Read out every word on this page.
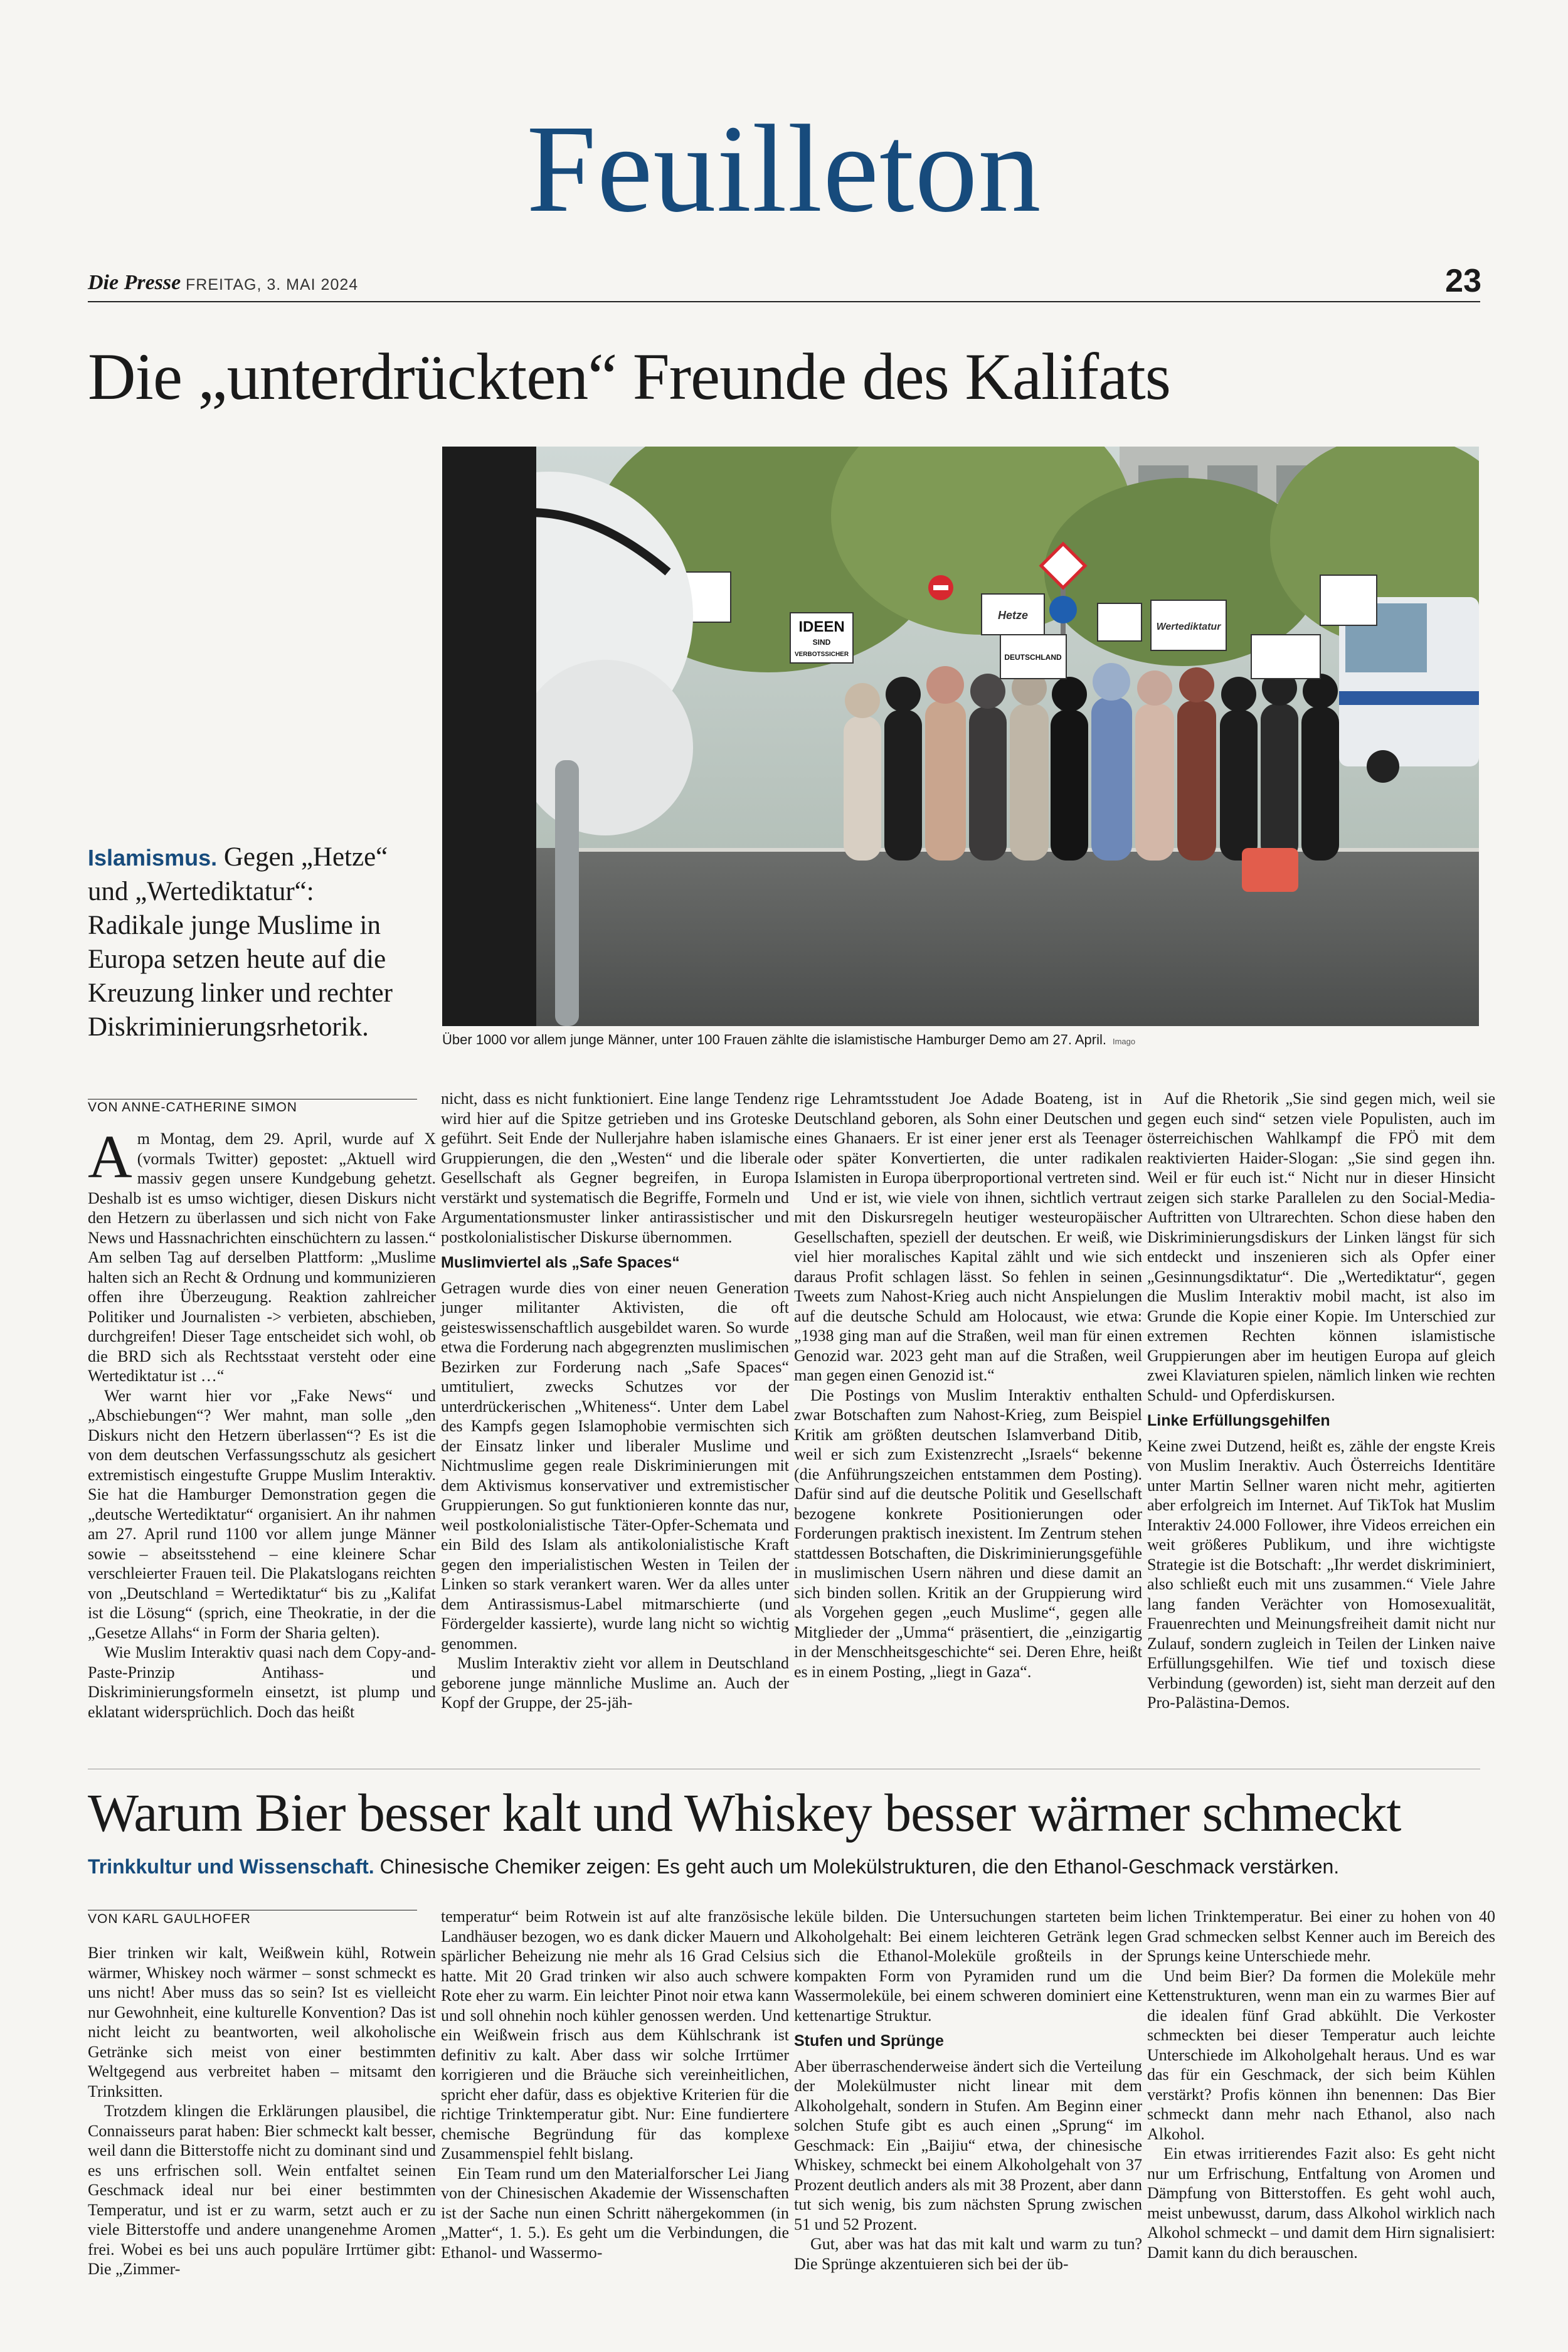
Feuilleton
Die Presse FREITAG, 3. MAI 2024	23
Die „unterdrückten“ Freunde des Kalifats
IDEEN
SIND
VERBOTSSICHER
Wertediktatur
DEUTSCHLAND
Hetze
Über 1000 vor allem junge Männer, unter 100 Frauen zählte die islamistische Hamburger Demo am 27. April. Imago
Islamismus. Gegen „Hetze“ und „Wertediktatur“: Radikale junge Muslime in Europa setzen heute auf die Kreuzung linker und rechter Diskriminierungsrhetorik.
VON ANNE-CATHERINE SIMON

Am Montag, dem 29. April, wurde auf X (vormals Twitter) gepostet: „Aktuell wird massiv gegen unsere Kundgebung gehetzt. Deshalb ist es umso wichtiger, diesen Diskurs nicht den Hetzern zu überlassen und sich nicht von Fake News und Hassnachrichten einschüchtern zu lassen.“ Am selben Tag auf derselben Plattform: „Muslime halten sich an Recht & Ordnung und kommunizieren offen ihre Überzeugung. Reaktion zahlreicher Politiker und Journalisten -> verbieten, abschieben, durchgreifen! Dieser Tage entscheidet sich wohl, ob die BRD sich als Rechtsstaat versteht oder eine Wertediktatur ist …“

Wer warnt hier vor „Fake News“ und „Abschiebungen“? Wer mahnt, man solle „den Diskurs nicht den Hetzern überlassen“? Es ist die von dem deutschen Verfassungsschutz als gesichert extremistisch eingestufte Gruppe Muslim Interaktiv. Sie hat die Hamburger Demonstration gegen die „deutsche Wertediktatur“ organisiert. An ihr nahmen am 27. April rund 1100 vor allem junge Männer sowie – abseitsstehend – eine kleinere Schar verschleierter Frauen teil. Die Plakatslogans reichten von „Deutschland = Wertediktatur“ bis zu „Kalifat ist die Lösung“ (sprich, eine Theokratie, in der die „Gesetze Allahs“ in Form der Sharia gelten).

Wie Muslim Interaktiv quasi nach dem Copy-and-Paste-Prinzip Antihass- und Diskriminierungsformeln einsetzt, ist plump und eklatant widersprüchlich. Doch das heißt

nicht, dass es nicht funktioniert. Eine lange Tendenz wird hier auf die Spitze getrieben und ins Groteske geführt. Seit Ende der Nullerjahre haben islamische Gruppierungen, die den „Westen“ und die liberale Gesellschaft als Gegner begreifen, in Europa verstärkt und systematisch die Begriffe, Formeln und Argumentationsmuster linker antirassistischer und postkolonialistischer Diskurse übernommen.

Muslimviertel als „Safe Spaces“

Getragen wurde dies von einer neuen Generation junger militanter Aktivisten, die oft geisteswissenschaftlich ausgebildet waren. So wurde etwa die Forderung nach abgegrenzten muslimischen Bezirken zur Forderung nach „Safe Spaces“ umtituliert, zwecks Schutzes vor der unterdrückerischen „Whiteness“. Unter dem Label des Kampfs gegen Islamophobie vermischten sich der Einsatz linker und liberaler Muslime und Nichtmuslime gegen reale Diskriminierungen mit dem Aktivismus konservativer und extremistischer Gruppierungen. So gut funktionieren konnte das nur, weil postkolonialistische Täter-Opfer-Schemata und ein Bild des Islam als antikolonialistische Kraft gegen den imperialistischen Westen in Teilen der Linken so stark verankert waren. Wer da alles unter dem Antirassismus-Label mitmarschierte (und Fördergelder kassierte), wurde lang nicht so wichtig genommen.

Muslim Interaktiv zieht vor allem in Deutschland geborene junge männliche Muslime an. Auch der Kopf der Gruppe, der 25-jäh-

rige Lehramtsstudent Joe Adade Boateng, ist in Deutschland geboren, als Sohn einer Deutschen und eines Ghanaers. Er ist einer jener erst als Teenager oder später Konvertierten, die unter radikalen Islamisten in Europa überproportional vertreten sind.

Und er ist, wie viele von ihnen, sichtlich vertraut mit den Diskursregeln heutiger westeuropäischer Gesellschaften, speziell der deutschen. Er weiß, wie viel hier moralisches Kapital zählt und wie sich daraus Profit schlagen lässt. So fehlen in seinen Tweets zum Nahost-Krieg auch nicht Anspielungen auf die deutsche Schuld am Holocaust, wie etwa: „1938 ging man auf die Straßen, weil man für einen Genozid war. 2023 geht man auf die Straßen, weil man gegen einen Genozid ist.“

Die Postings von Muslim Interaktiv enthalten zwar Botschaften zum Nahost-Krieg, zum Beispiel Kritik am größten deutschen Islamverband Ditib, weil er sich zum Existenzrecht „Israels“ bekenne (die Anführungszeichen entstammen dem Posting). Dafür sind auf die deutsche Politik und Gesellschaft bezogene konkrete Positionierungen oder Forderungen praktisch inexistent. Im Zentrum stehen stattdessen Botschaften, die Diskriminierungsgefühle in muslimischen Usern nähren und diese damit an sich binden sollen. Kritik an der Gruppierung wird als Vorgehen gegen „euch Muslime“, gegen alle Mitglieder der „Umma“ präsentiert, die „einzigartig in der Menschheitsgeschichte“ sei. Deren Ehre, heißt es in einem Posting, „liegt in Gaza“.

Auf die Rhetorik „Sie sind gegen mich, weil sie gegen euch sind“ setzen viele Populisten, auch im österreichischen Wahlkampf die FPÖ mit dem reaktivierten Haider-Slogan: „Sie sind gegen ihn. Weil er für euch ist.“ Nicht nur in dieser Hinsicht zeigen sich starke Parallelen zu den Social-Media-Auftritten von Ultrarechten. Schon diese haben den Diskriminierungsdiskurs der Linken längst für sich entdeckt und inszenieren sich als Opfer einer „Gesinnungsdiktatur“. Die „Wertediktatur“, gegen die Muslim Interaktiv mobil macht, ist also im Grunde die Kopie einer Kopie. Im Unterschied zur extremen Rechten können islamistische Gruppierungen aber im heutigen Europa auf gleich zwei Klaviaturen spielen, nämlich linken wie rechten Schuld- und Opferdiskursen.

Linke Erfüllungsgehilfen

Keine zwei Dutzend, heißt es, zähle der engste Kreis von Muslim Ineraktiv. Auch Österreichs Identitäre unter Martin Sellner waren nicht mehr, agitierten aber erfolgreich im Internet. Auf TikTok hat Muslim Interaktiv 24.000 Follower, ihre Videos erreichen ein weit größeres Publikum, und ihre wichtigste Strategie ist die Botschaft: „Ihr werdet diskriminiert, also schließt euch mit uns zusammen.“ Viele Jahre lang fanden Verächter von Homosexualität, Frauenrechten und Meinungsfreiheit damit nicht nur Zulauf, sondern zugleich in Teilen der Linken naive Erfüllungsgehilfen. Wie tief und toxisch diese Verbindung (geworden) ist, sieht man derzeit auf den Pro-Palästina-Demos.

Warum Bier besser kalt und Whiskey besser wärmer schmeckt
Trinkkultur und Wissenschaft. Chinesische Chemiker zeigen: Es geht auch um Molekülstrukturen, die den Ethanol-Geschmack verstärken.
VON KARL GAULHOFER

Bier trinken wir kalt, Weißwein kühl, Rotwein wärmer, Whiskey noch wärmer – sonst schmeckt es uns nicht! Aber muss das so sein? Ist es vielleicht nur Gewohnheit, eine kulturelle Konvention? Das ist nicht leicht zu beantworten, weil alkoholische Getränke sich meist von einer bestimmten Weltgegend aus verbreitet haben – mitsamt den Trinksitten.

Trotzdem klingen die Erklärungen plausibel, die Connaisseurs parat haben: Bier schmeckt kalt besser, weil dann die Bitterstoffe nicht zu dominant sind und es uns erfrischen soll. Wein entfaltet seinen Geschmack ideal nur bei einer bestimmten Temperatur, und ist er zu warm, setzt auch er zu viele Bitterstoffe und andere unangenehme Aromen frei. Wobei es bei uns auch populäre Irrtümer gibt: Die „Zimmer-

temperatur“ beim Rotwein ist auf alte französische Landhäuser bezogen, wo es dank dicker Mauern und spärlicher Beheizung nie mehr als 16 Grad Celsius hatte. Mit 20 Grad trinken wir also auch schwere Rote eher zu warm. Ein leichter Pinot noir etwa kann und soll ohnehin noch kühler genossen werden. Und ein Weißwein frisch aus dem Kühlschrank ist definitiv zu kalt. Aber dass wir solche Irrtümer korrigieren und die Bräuche sich vereinheitlichen, spricht eher dafür, dass es objektive Kriterien für die richtige Trinktemperatur gibt. Nur: Eine fundiertere chemische Begründung für das komplexe Zusammenspiel fehlt bislang.

Ein Team rund um den Materialforscher Lei Jiang von der Chinesischen Akademie der Wissenschaften ist der Sache nun einen Schritt nähergekommen (in „Matter“, 1. 5.). Es geht um die Verbindungen, die Ethanol- und Wassermo-

leküle bilden. Die Untersuchungen starteten beim Alkoholgehalt: Bei einem leichteren Getränk legen sich die Ethanol-Moleküle großteils in der kompakten Form von Pyramiden rund um die Wassermoleküle, bei einem schweren dominiert eine kettenartige Struktur.

Stufen und Sprünge

Aber überraschenderweise ändert sich die Verteilung der Molekülmuster nicht linear mit dem Alkoholgehalt, sondern in Stufen. Am Beginn einer solchen Stufe gibt es auch einen „Sprung“ im Geschmack: Ein „Baijiu“ etwa, der chinesische Whiskey, schmeckt bei einem Alkoholgehalt von 37 Prozent deutlich anders als mit 38 Prozent, aber dann tut sich wenig, bis zum nächsten Sprung zwischen 51 und 52 Prozent.

Gut, aber was hat das mit kalt und warm zu tun? Die Sprünge akzentuieren sich bei der üb-

lichen Trinktemperatur. Bei einer zu hohen von 40 Grad schmecken selbst Kenner auch im Bereich des Sprungs keine Unterschiede mehr.

Und beim Bier? Da formen die Moleküle mehr Kettenstrukturen, wenn man ein zu warmes Bier auf die idealen fünf Grad abkühlt. Die Verkoster schmeckten bei dieser Temperatur auch leichte Unterschiede im Alkoholgehalt heraus. Und es war das für ein Geschmack, der sich beim Kühlen verstärkt? Profis können ihn benennen: Das Bier schmeckt dann mehr nach Ethanol, also nach Alkohol.

Ein etwas irritierendes Fazit also: Es geht nicht nur um Erfrischung, Entfaltung von Aromen und Dämpfung von Bitterstoffen. Es geht wohl auch, meist unbewusst, darum, dass Alkohol wirklich nach Alkohol schmeckt – und damit dem Hirn signalisiert: Damit kann du dich berauschen.
